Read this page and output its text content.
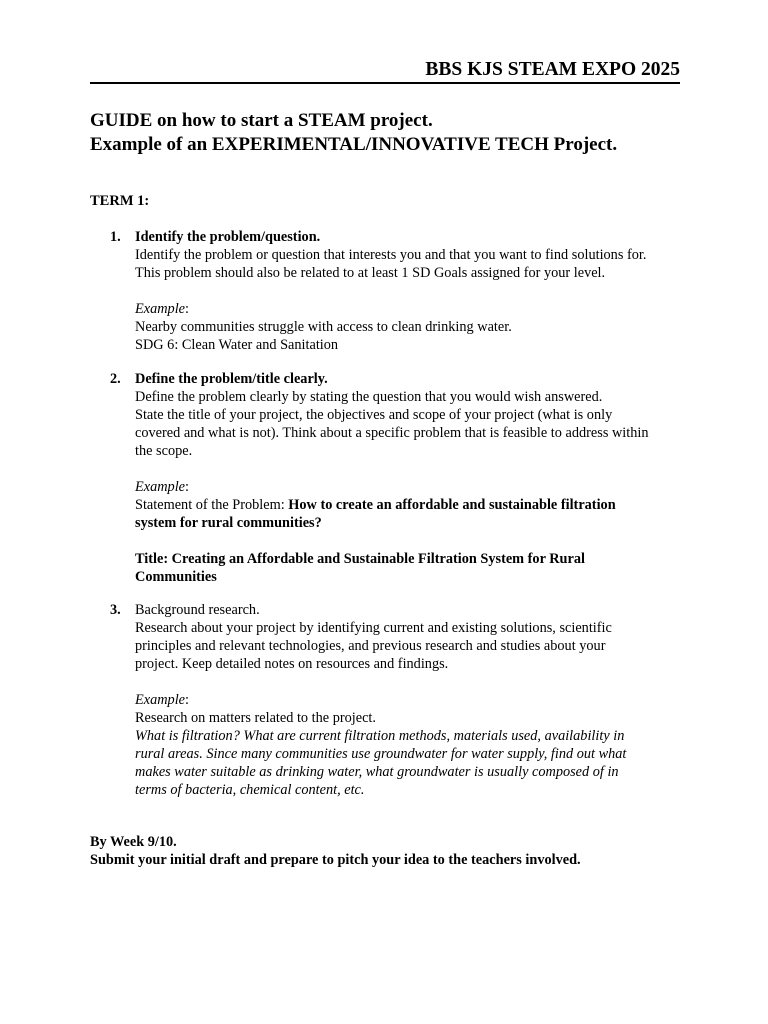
BBS KJS STEAM EXPO 2025
GUIDE on how to start a STEAM project.
Example of an EXPERIMENTAL/INNOVATIVE TECH Project.
TERM 1:
1. Identify the problem/question.

Identify the problem or question that interests you and that you want to find solutions for.

This problem should also be related to at least 1 SD Goals assigned for your level.

Example:

Nearby communities struggle with access to clean drinking water.

SDG 6: Clean Water and Sanitation

2. Define the problem/title clearly.

Define the problem clearly by stating the question that you would wish answered.

State the title of your project, the objectives and scope of your project (what is only

covered and what is not). Think about a specific problem that is feasible to address within

the scope.

Example:

Statement of the Problem: How to create an affordable and sustainable filtration

system for rural communities?

Title: Creating an Affordable and Sustainable Filtration System for Rural

Communities

3. Background research.

Research about your project by identifying current and existing solutions, scientific

principles and relevant technologies, and previous research and studies about your

project. Keep detailed notes on resources and findings.

Example:

Research on matters related to the project.

What is filtration? What are current filtration methods, materials used, availability in

rural areas. Since many communities use groundwater for water supply, find out what

makes water suitable as drinking water, what groundwater is usually composed of in

terms of bacteria, chemical content, etc.

By Week 9/10.

Submit your initial draft and prepare to pitch your idea to the teachers involved.
